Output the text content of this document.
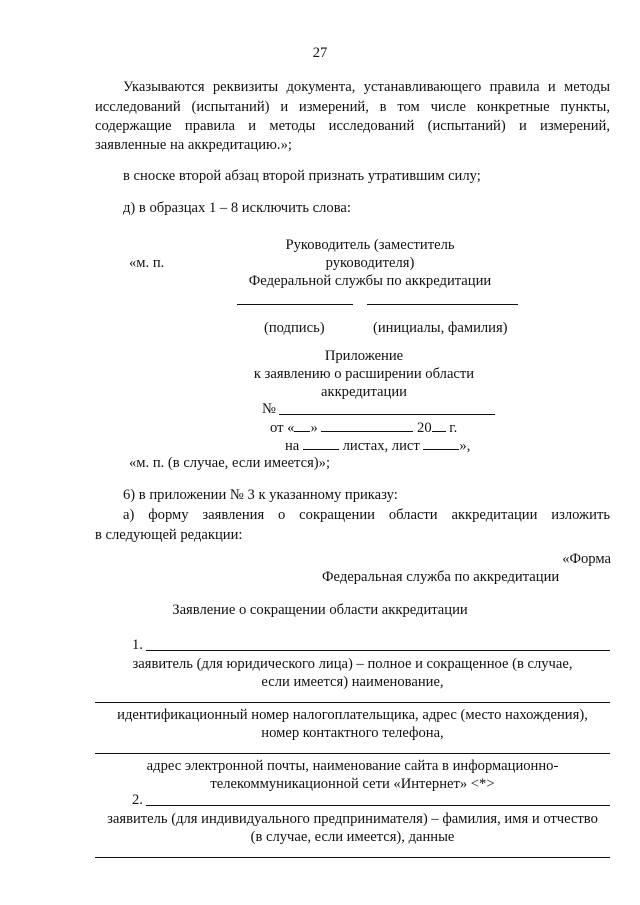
27
Указываются реквизиты документа, устанавливающего правила и методы
исследований (испытаний) и измерений, в том числе конкретные пункты,
содержащие правила и методы исследований (испытаний) и измерений,
заявленные на аккредитацию.»;
в сноске второй абзац второй признать утратившим силу;
д) в образцах 1 – 8 исключить слова:
Руководитель (заместитель
«м. п.	руководителя)
Федеральной службы по аккредитации
(подпись)	(инициалы, фамилия)
Приложение
к заявлению о расширении области
аккредитации
№
от « »	20 г.
на	листах, лист	»,
«м. п. (в случае, если имеется)»;
6) в приложении № 3 к указанному приказу:
а) форму заявления о сокращении области аккредитации изложить
в следующей редакции:
«Форма
Федеральная служба по аккредитации
Заявление о сокращении области аккредитации
1.
заявитель (для юридического лица) – полное и сокращенное (в случае,
если имеется) наименование,
идентификационный номер налогоплательщика, адрес (место нахождения),
номер контактного телефона,
адрес электронной почты, наименование сайта в информационно-
телекоммуникационной сети «Интернет» <*>
2.
заявитель (для индивидуального предпринимателя) – фамилия, имя и отчество
(в случае, если имеется), данные
